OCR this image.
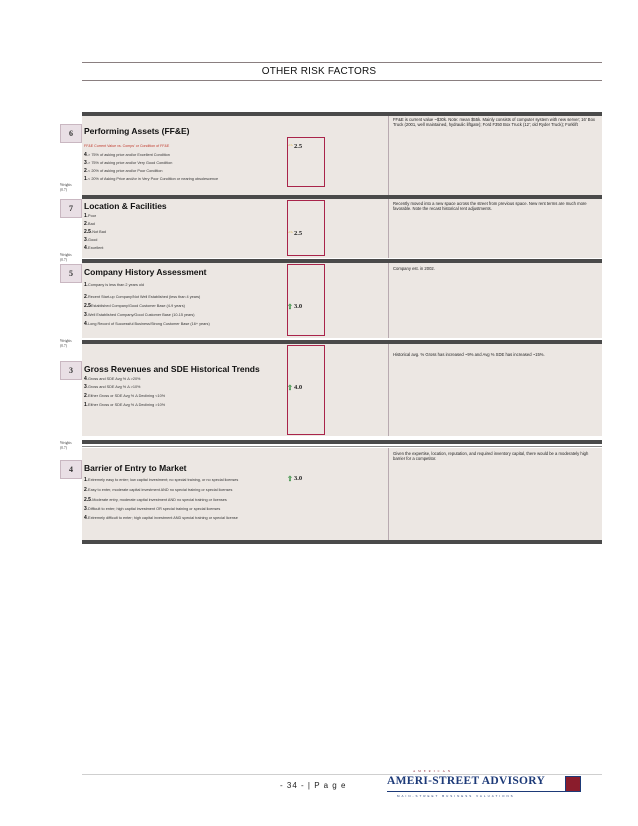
OTHER RISK FACTORS
6	Performing Assets (FF&E)
FF&E Current Value vs. Comps' or Condition of FF&E
4-> 75% of asking price and/or Excellent Condition
3-> 75% of asking price and/or Very Good Condition
2-< 20% of asking price and/or Poor Condition
1-< 20% of Asking Price and/or in Very Poor Condition or nearing obsolescence
⇔ 2.5
FF&E is current value ~$30k. Note: mean $55k. Mainly consists of computer system with new server; 16' Box Truck (2001, well maintained, hydraulic liftgate); Ford F350 Box Truck (12'; old Ryder Truck); Forklift
Weights
(0.7)
7	Location & Facilities
1-Poor
2-Bad
2.5-Not Bad
3-Good
4-Excellent
⇔ 2.5
Recently moved into a new space across the street from previous space. New rent terms are much more favorable. Note the recast historical rent adjustments.
Weights
(0.7)
5	Company History Assessment
1-Company is less than 2 years old
2-Recent Start-up Company/Not Well Established (less than 4 years)
2.5Established Company/Good Customer Base (4-9 years)
3-Well Established Company/Good Customer Base (10-15 years)
4-Long Record of Successful Business/Strong Customer Base (16+ years)
⇧ 3.0
Company est. in 2002.
Weights
(0.7)
3	Gross Revenues and SDE Historical Trends
4-Gross and SDE Avg % Δ >20%
3-Gross and SDE Avg % Δ >10%
2-Either Gross or SDE Avg % Δ Declining <10%
1-Either Gross or SDE Avg % Δ Declining >10%
⇧ 4.0
Historical avg. % Gross has increased ~9% and Avg % SDE has increased ~15%.
Weights
(0.7)
4	Barrier of Entry to Market
1-Extremely easy to enter; low capital investment; no special training, or no special licenses
2-Easy to enter, moderate capital investment AND no special training or special licenses
2.5-Moderate entry, moderate capital investment AND no special training or licenses
3-Difficult to enter; high capital investment OR special training or special licenses
4-Extremely difficult to enter; high capital investment AND special training or special license
⇧ 3.0
Given the expertise, location, reputation, and required inventory capital, there would be a moderately high barrier for a competitor.
- 34 - | P a g e
AMERICAN
AMERI-STREET ADVISORY
MAIN-STREET BUSINESS VALUATIONS
